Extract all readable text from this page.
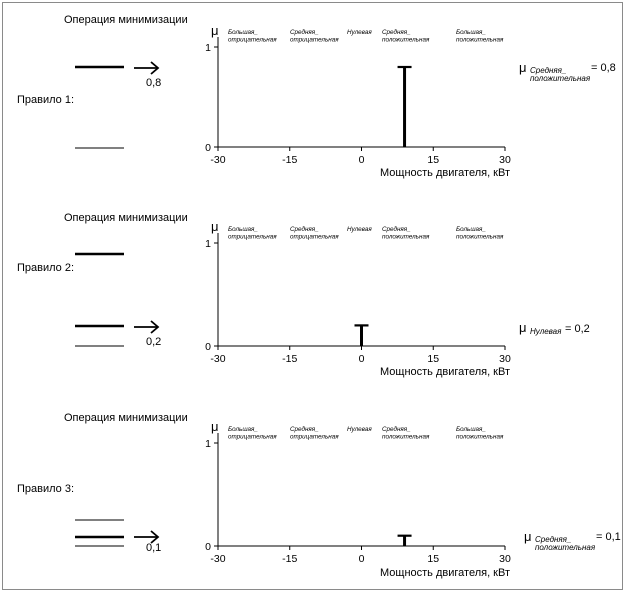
Операция минимизации
Правило 1:
0,8
μ
1
0
-30	-15	0	15	30
Мощность двигателя, кВт
Большая_ отрицательная
Средняя_ отрицательная
Нулевая Средняя_ положительная
Большая_ положительная
μ Средняя_
положительная
= 0,8
Операция минимизации
Правило 2:
0,2
μ
1
0
-30	-15	0	15	30
Мощность двигателя, кВт
Большая_ отрицательная
Средняя_ отрицательная
Нулевая Средняя_ положительная
Большая_ положительная
μ Нулевая = 0,2
Операция минимизации
Правило 3:
0,1
μ
1
0
-30	-15	0	15	30
Мощность двигателя, кВт
Большая_ отрицательная
Средняя_ отрицательная
Нулевая Средняя_ положительная
Большая_ положительная
μ Средняя_
положительная
= 0,1
